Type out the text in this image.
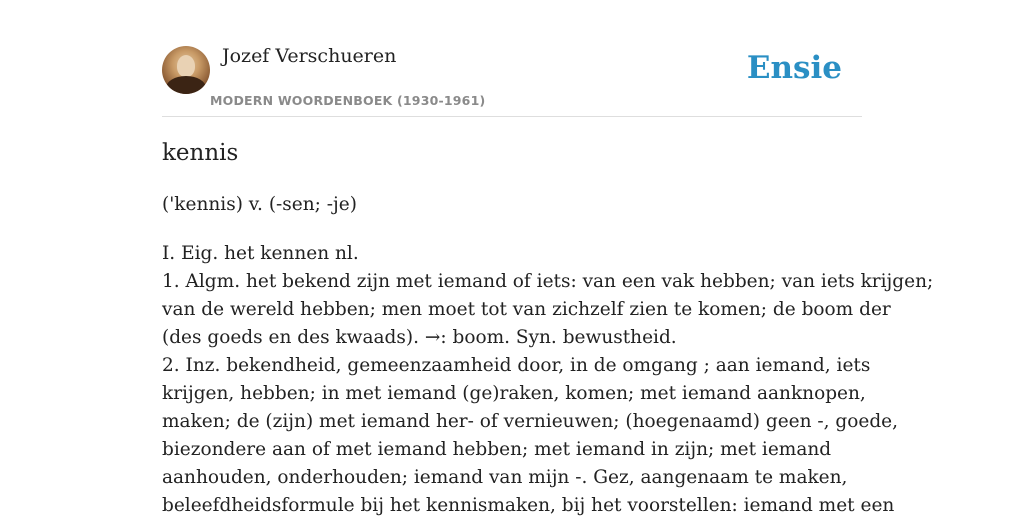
Jozef Verschueren
MODERN WOORDENBOEK (1930-1961)
Ensie
kennis
('kennis) v. (-sen; -je)
I. Eig. het kennen nl.
1. Algm. het bekend zijn met iemand of iets: van een vak hebben; van iets krijgen;
van de wereld hebben; men moet tot van zichzelf zien te komen; de boom der
(des goeds en des kwaads). →: boom. Syn. bewustheid.
2. Inz. bekendheid, gemeenzaamheid door, in de omgang ; aan iemand, iets
krijgen, hebben; in met iemand (ge)raken, komen; met iemand aanknopen,
maken; de (zijn) met iemand her- of vernieuwen; (hoegenaamd) geen -, goede,
biezondere aan of met iemand hebben; met iemand in zijn; met iemand
aanhouden, onderhouden; iemand van mijn -. Gez, aangenaam te maken,
beleefdheidsformule bij het kennismaken, bij het voorstellen: iemand met een
